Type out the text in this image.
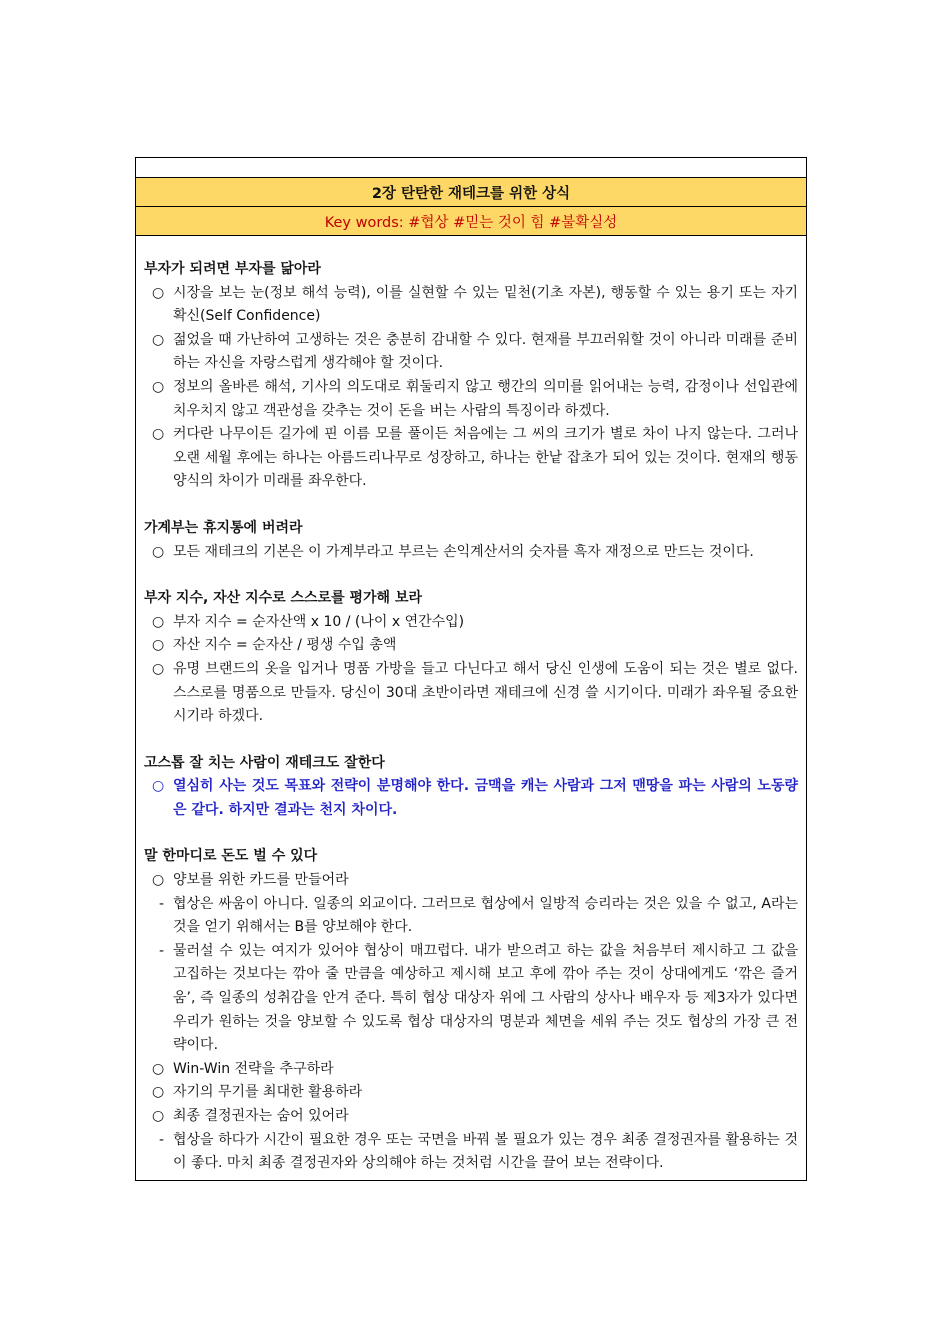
2장 탄탄한 재테크를 위한 상식
Key words: #협상 #믿는 것이 힘 #불확실성

부자가 되려면 부자를 닮아라

○ 시장을 보는 눈(정보 해석 능력), 이를 실현할 수 있는 밑천(기초 자본), 행동할 수 있는 용기 또는 자기 확신(Self Confidence)
○ 젊었을 때 가난하여 고생하는 것은 충분히 감내할 수 있다. 현재를 부끄러워할 것이 아니라 미래를 준비하는 자신을 자랑스럽게 생각해야 할 것이다.
○ 정보의 올바른 해석, 기사의 의도대로 휘둘리지 않고 행간의 의미를 읽어내는 능력, 감정이나 선입관에 치우치지 않고 객관성을 갖추는 것이 돈을 버는 사람의 특징이라 하겠다.
○ 커다란 나무이든 길가에 핀 이름 모를 풀이든 처음에는 그 씨의 크기가 별로 차이 나지 않는다. 그러나 오랜 세월 후에는 하나는 아름드리나무로 성장하고, 하나는 한낱 잡초가 되어 있는 것이다. 현재의 행동 양식의 차이가 미래를 좌우한다.

가계부는 휴지통에 버려라

○ 모든 재테크의 기본은 이 가계부라고 부르는 손익계산서의 숫자를 흑자 재정으로 만드는 것이다.

부자 지수, 자산 지수로 스스로를 평가해 보라

○ 부자 지수 = 순자산액 x 10 / (나이 x 연간수입)
○ 자산 지수 = 순자산 / 평생 수입 총액
○ 유명 브랜드의 옷을 입거나 명품 가방을 들고 다닌다고 해서 당신 인생에 도움이 되는 것은 별로 없다. 스스로를 명품으로 만들자. 당신이 30대 초반이라면 재테크에 신경 쓸 시기이다. 미래가 좌우될 중요한 시기라 하겠다.

고스톱 잘 치는 사람이 재테크도 잘한다

○ 열심히 사는 것도 목표와 전략이 분명해야 한다. 금맥을 캐는 사람과 그저 맨땅을 파는 사람의 노동량은 같다. 하지만 결과는 천지 차이다.

말 한마디로 돈도 벌 수 있다

○ 양보를 위한 카드를 만들어라
- 협상은 싸움이 아니다. 일종의 외교이다. 그러므로 협상에서 일방적 승리라는 것은 있을 수 없고, A라는 것을 얻기 위해서는 B를 양보해야 한다.
- 물러설 수 있는 여지가 있어야 협상이 매끄럽다. 내가 받으려고 하는 값을 처음부터 제시하고 그 값을 고집하는 것보다는 깎아 줄 만큼을 예상하고 제시해 보고 후에 깎아 주는 것이 상대에게도 ‘깎은 즐거움’, 즉 일종의 성취감을 안겨 준다. 특히 협상 대상자 위에 그 사람의 상사나 배우자 등 제3자가 있다면 우리가 원하는 것을 양보할 수 있도록 협상 대상자의 명분과 체면을 세워 주는 것도 협상의 가장 큰 전략이다.
○ Win-Win 전략을 추구하라
○ 자기의 무기를 최대한 활용하라
○ 최종 결정권자는 숨어 있어라
- 협상을 하다가 시간이 필요한 경우 또는 국면을 바꿔 볼 필요가 있는 경우 최종 결정권자를 활용하는 것이 좋다. 마치 최종 결정권자와 상의해야 하는 것처럼 시간을 끌어 보는 전략이다.
